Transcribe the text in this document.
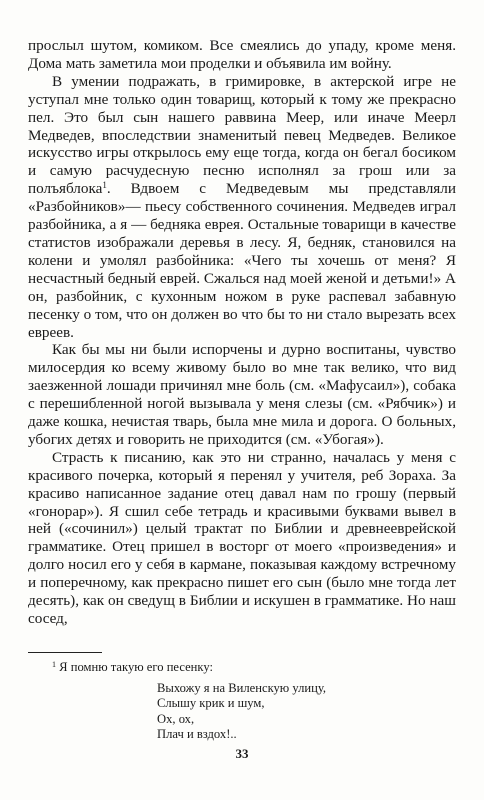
прослыл шутом, комиком. Все смеялись до упаду, кроме меня. Дома мать заметила мои проделки и объявила им войну.

В умении подражать, в гримировке, в актерской игре не уступал мне только один товарищ, который к тому же прекрасно пел. Это был сын нашего раввина Меер, или иначе Меерл Медведев, впоследствии знаменитый певец Медведев. Великое искусство игры открылось ему еще тогда, когда он бегал босиком и самую расчудесную песню исполнял за грош или за полъяблока$^1$. Вдвоем с Медведевым мы представляли «Разбойников»— пьесу собственного сочинения. Медведев играл разбойника, а я — бедняка еврея. Остальные товарищи в качестве статистов изображали деревья в лесу. Я, бедняк, становился на колени и умолял разбойника: «Чего ты хочешь от меня? Я несчастный бедный еврей. Сжалься над моей женой и детьми!» А он, разбойник, с кухонным ножом в руке распевал забавную песенку о том, что он должен во что бы то ни стало вырезать всех евреев.

Как бы мы ни были испорчены и дурно воспитаны, чувство милосердия ко всему живому было во мне так велико, что вид заезженной лошади причинял мне боль (см. «Мафусаил»), собака с перешибленной ногой вызывала у меня слезы (см. «Рябчик») и даже кошка, нечистая тварь, была мне мила и дорога. О больных, убогих детях и говорить не приходится (см. «Убогая»).

Страсть к писанию, как это ни странно, началась у меня с красивого почерка, который я перенял у учителя, реб Зораха. За красиво написанное задание отец давал нам по грошу (первый «гонорар»). Я сшил себе тетрадь и красивыми буквами вывел в ней («сочинил») целый трактат по Библии и древнееврейской грамматике. Отец пришел в восторг от моего «произведения» и долго носил его у себя в кармане, показывая каждому встречному и поперечному, как прекрасно пишет его сын (было мне тогда лет десять), как он сведущ в Библии и искушен в грамматике. Но наш сосед,

$^1$ Я помню такую его песенку:

Выхожу я на Виленскую улицу,
Слышу крик и шум,
Ох, ох,
Плач и вздох!..

33
